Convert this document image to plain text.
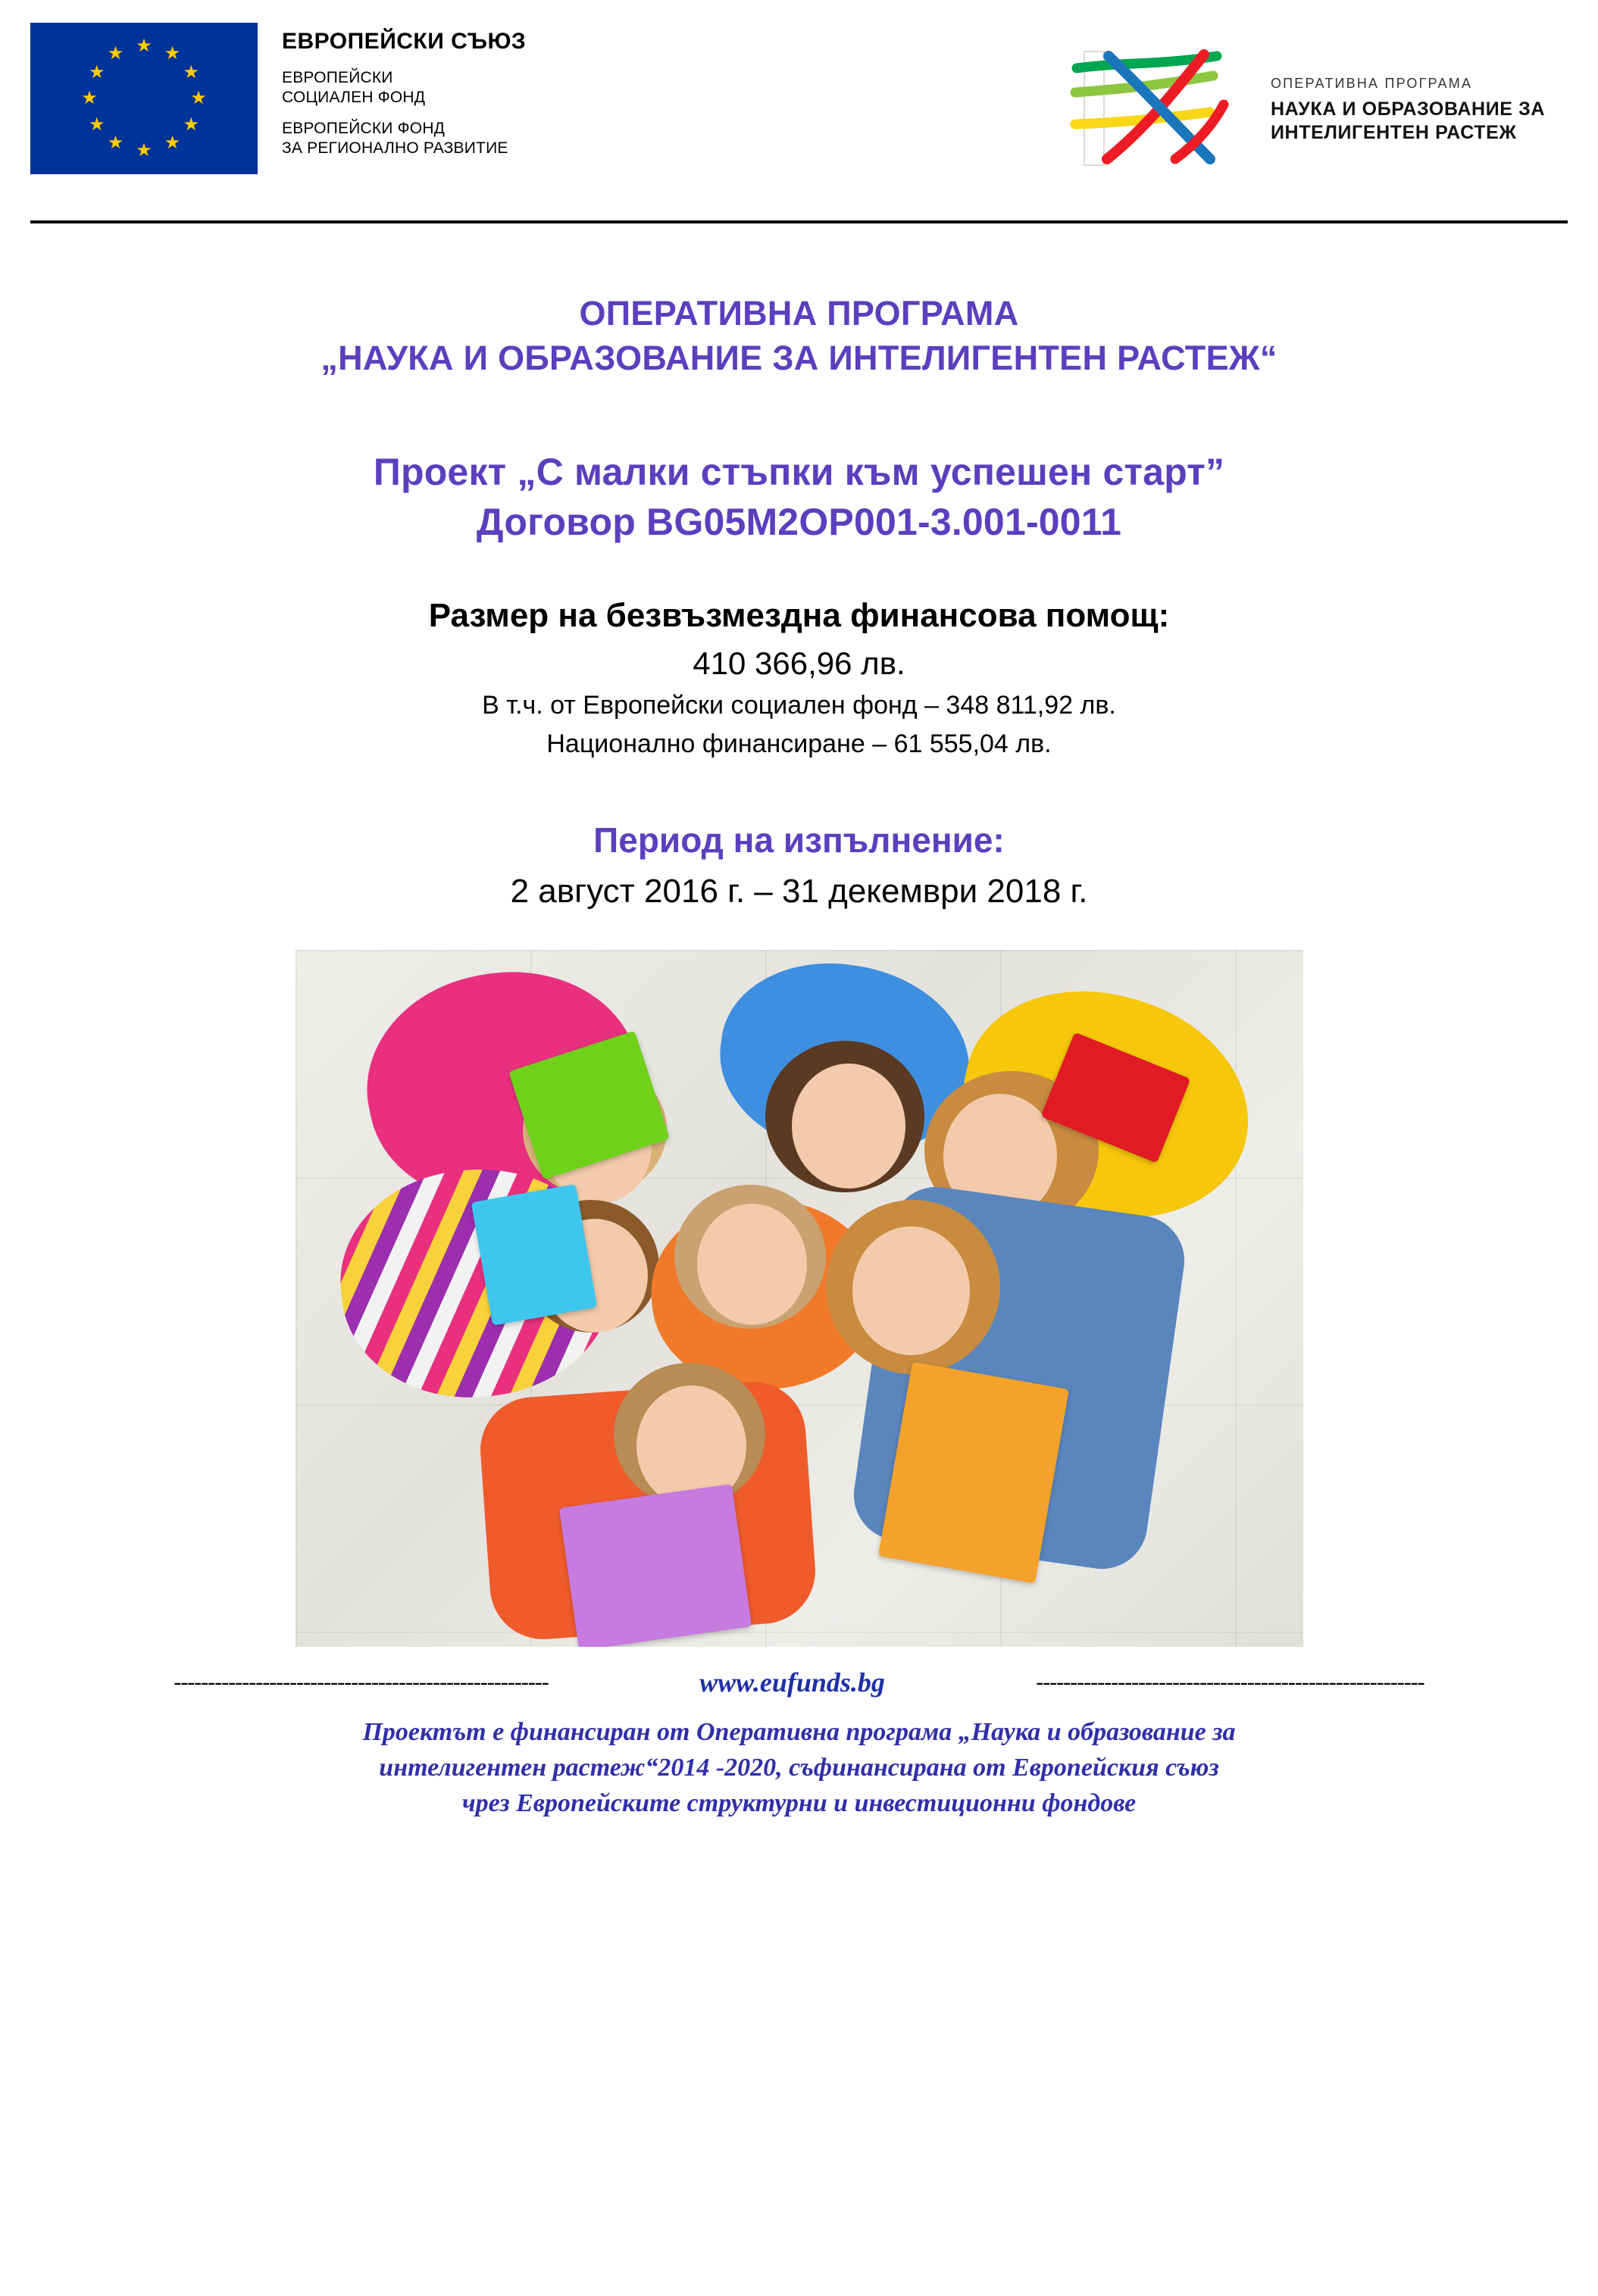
★ ★
★
★
★
★
★
★
★
★
★
★	ЕВРОПЕЙСКИ СЪЮЗ
ЕВРОПЕЙСКИ
СОЦИАЛЕН ФОНД
ЕВРОПЕЙСКИ ФОНД
ЗА РЕГИОНАЛНО РАЗВИТИЕ
ОПЕРАТИВНА ПРОГРАМА
НАУКА И ОБРАЗОВАНИЕ ЗА
ИНТЕЛИГЕНТЕН РАСТЕЖ
ОПЕРАТИВНА ПРОГРАМА
„НАУКА И ОБРАЗОВАНИЕ ЗА ИНТЕЛИГЕНТЕН РАСТЕЖ“
Проект „С малки стъпки към успешен старт”
Договор BG05M2OP001-3.001-0011
Размер на безвъзмездна финансова помощ:
410 366,96 лв.
В т.ч. от Европейски социален фонд – 348 811,92 лв.
Национално финансиране – 61 555,04 лв.
Период на изпълнение:
2 август 2016 г. – 31 декември 2018 г.
-------------------------------------------------------	www.eufunds.bg	---------------------------------------------------------
Проектът е финансиран от Оперативна програма „Наука и образование за
интелигентен растеж“2014 -2020, съфинансирана от Европейския съюз
чрез Европейските структурни и инвестиционни фондове
